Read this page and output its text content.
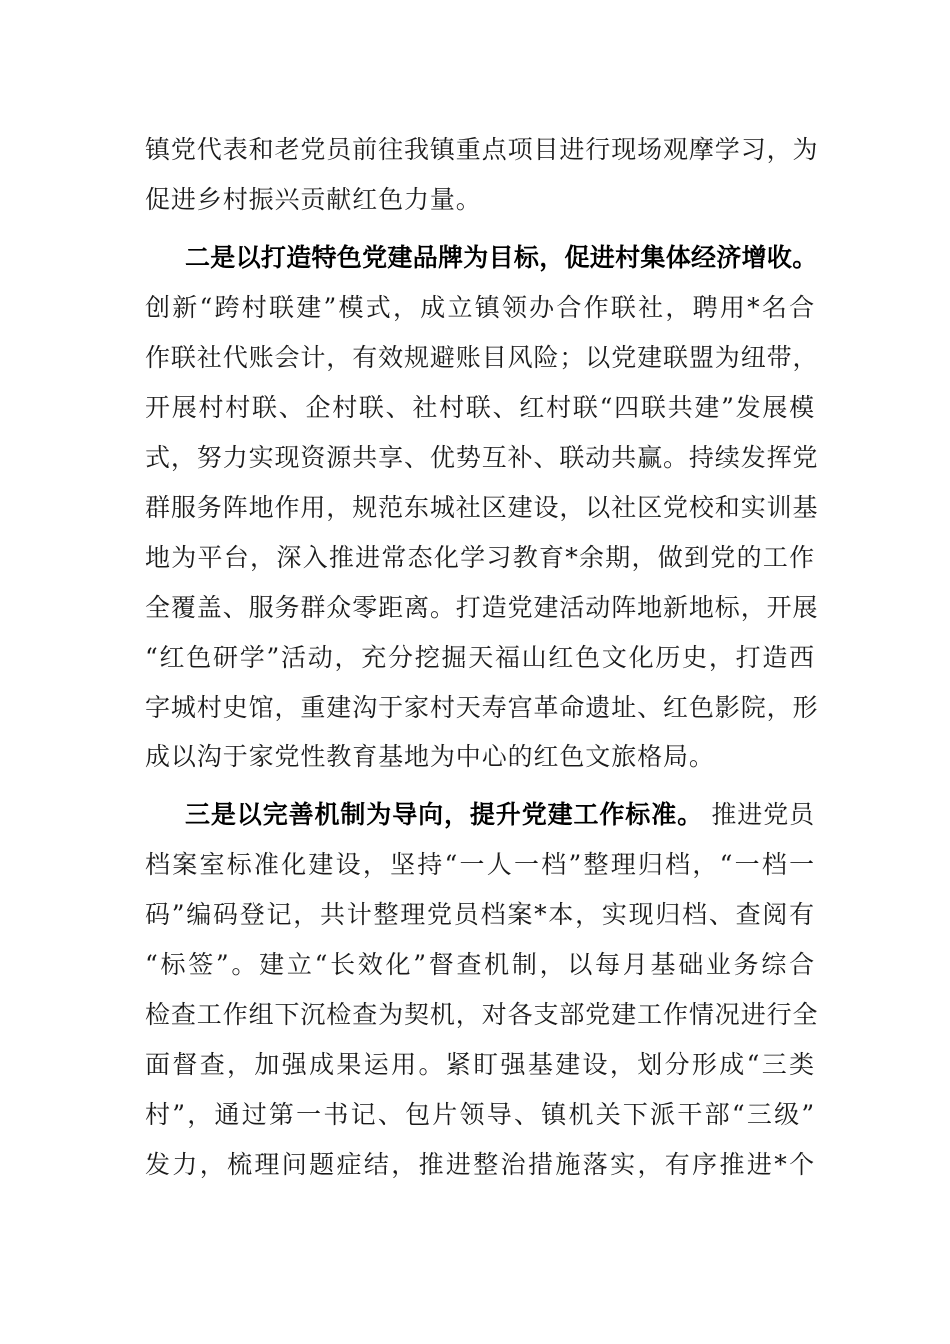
镇党代表和老党员前往我镇重点项目进行现场观摩学习，为
促进乡村振兴贡献红色力量。
二是以打造特色党建品牌为目标，促进村集体经济增收。
创新“跨村联建”模式，成立镇领办合作联社，聘用*名合
作联社代账会计，有效规避账目风险；以党建联盟为纽带，
开展村村联、企村联、社村联、红村联“四联共建”发展模
式，努力实现资源共享、优势互补、联动共赢。持续发挥党
群服务阵地作用，规范东城社区建设，以社区党校和实训基
地为平台，深入推进常态化学习教育*余期，做到党的工作
全覆盖、服务群众零距离。打造党建活动阵地新地标，开展
“红色研学”活动，充分挖掘天福山红色文化历史，打造西
字城村史馆，重建沟于家村天寿宫革命遗址、红色影院，形
成以沟于家党性教育基地为中心的红色文旅格局。
三是以完善机制为导向，提升党建工作标准。 推进党员
档案室标准化建设，坚持“一人一档”整理归档，“一档一
码”编码登记，共计整理党员档案*本，实现归档、查阅有
“标签”。建立“长效化”督查机制，以每月基础业务综合
检查工作组下沉检查为契机，对各支部党建工作情况进行全
面督查，加强成果运用。紧盯强基建设，划分形成“三类
村”，通过第一书记、包片领导、镇机关下派干部“三级”
发力，梳理问题症结，推进整治措施落实，有序推进*个
